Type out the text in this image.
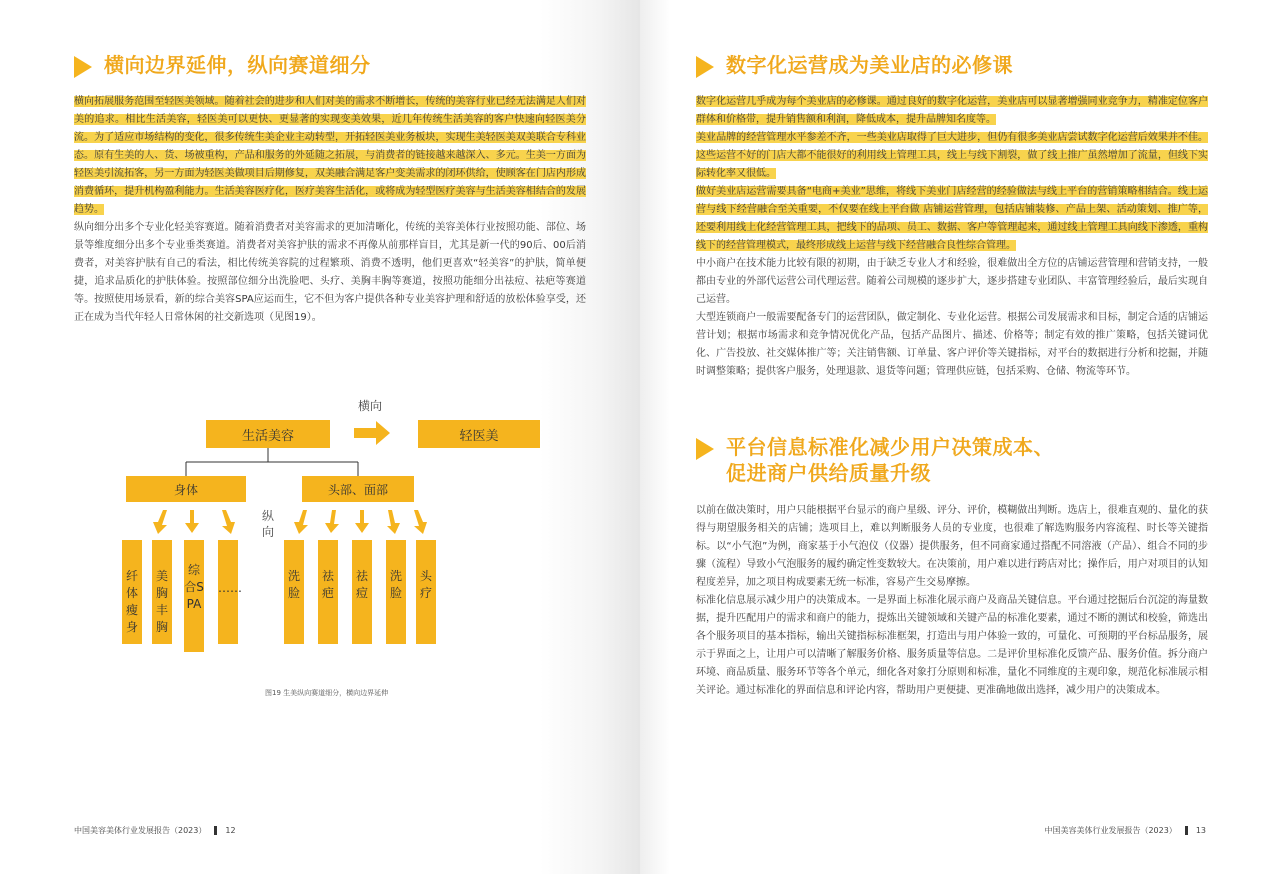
横向边界延伸，纵向赛道细分

横向拓展服务范围至轻医美领域。随着社会的进步和人们对美的需求不断增长，传统的美容行业已经无法满足人们对美的追求。相比生活美容，轻医美可以更快、更显著的实现变美效果，近几年传统生活美容的客户快速向轻医美分流。为了适应市场结构的变化，很多传统生美企业主动转型，开拓轻医美业务板块，实现生美轻医美双美联合专科业态。原有生美的人、货、场被重构，产品和服务的外延随之拓展，与消费者的链接越来越深入、多元。生美一方面为轻医美引流拓客，另一方面为轻医美做项目后期修复，双美融合满足客户变美需求的闭环供给，使顾客在门店内形成消费循环，提升机构盈利能力。生活美容医疗化，医疗美容生活化，或将成为轻型医疗美容与生活美容相结合的发展趋势。

纵向细分出多个专业化轻美容赛道。随着消费者对美容需求的更加清晰化，传统的美容美体行业按照功能、部位、场景等维度细分出多个专业垂类赛道。消费者对美容护肤的需求不再像从前那样盲目，尤其是新一代的90后、00后消费者，对美容护肤有自己的看法，相比传统美容院的过程繁琐、消费不透明，他们更喜欢“轻美容”的护肤，简单便捷，追求品质化的护肤体验。按照部位细分出洗脸吧、头疗、美胸丰胸等赛道，按照功能细分出祛痘、祛疤等赛道等。按照使用场景看，新的综合美容SPA应运而生，它不但为客户提供各种专业美容护理和舒适的放松体验享受，还正在成为当代年轻人日常休闲的社交新选项（见图19）。

横向
生活美容	轻医美
身体	头部、面部
纵向
纤体瘦身
美胸丰胸
综合SPA
……
洗脸
祛疤
祛痘
洗脸
头疗
图19 生美纵向赛道细分，横向边界延伸
中国美容美体行业发展报告（2023） 12
数字化运营成为美业店的必修课

数字化运营几乎成为每个美业店的必修课。通过良好的数字化运营，美业店可以显著增强同业竞争力，精准定位客户群体和价格带，提升销售额和利润，降低成本，提升品牌知名度等。

美业品牌的经营管理水平参差不齐，一些美业店取得了巨大进步，但仍有很多美业店尝试数字化运营后效果并不佳。这些运营不好的门店大都不能很好的利用线上管理工具，线上与线下割裂，做了线上推广虽然增加了流量，但线下实际转化率又很低。

做好美业店运营需要具备“电商+美业”思维，将线下美业门店经营的经验做法与线上平台的营销策略相结合。线上运营与线下经营融合至关重要，不仅要在线上平台做 店铺运营管理，包括店铺装修、产品上架、活动策划、推广等，还要利用线上化经营管理工具，把线下的品项、员工、数据、客户等管理起来，通过线上管理工具向线下渗透，重构线下的经营管理模式，最终形成线上运营与线下经营融合良性综合管理。

中小商户在技术能力比较有限的初期，由于缺乏专业人才和经验，很难做出全方位的店铺运营管理和营销支持，一般都由专业的外部代运营公司代理运营。随着公司规模的逐步扩大，逐步搭建专业团队、丰富管理经验后，最后实现自己运营。

大型连锁商户一般需要配备专门的运营团队，做定制化、专业化运营。根据公司发展需求和目标，制定合适的店铺运营计划；根据市场需求和竞争情况优化产品，包括产品图片、描述、价格等；制定有效的推广策略，包括关键词优化、广告投放、社交媒体推广等；关注销售额、订单量、客户评价等关键指标，对平台的数据进行分析和挖掘，并随时调整策略；提供客户服务，处理退款、退货等问题；管理供应链，包括采购、仓储、物流等环节。

平台信息标准化减少用户决策成本、
促进商户供给质量升级

以前在做决策时，用户只能根据平台显示的商户星级、评分、评价，模糊做出判断。选店上，很难直观的、量化的获得与期望服务相关的店铺；选项目上，难以判断服务人员的专业度，也很难了解选购服务内容流程、时长等关键指标。以“小气泡”为例，商家基于小气泡仪（仪器）提供服务，但不同商家通过搭配不同溶液（产品）、组合不同的步骤（流程）导致小气泡服务的履约确定性变数较大。在决策前，用户难以进行跨店对比；操作后，用户对项目的认知程度差异，加之项目构成要素无统一标准，容易产生交易摩擦。

标准化信息展示减少用户的决策成本。一是界面上标准化展示商户及商品关键信息。平台通过挖掘后台沉淀的海量数据，提升匹配用户的需求和商户的能力，提炼出关键领域和关键产品的标准化要素，通过不断的测试和校验，筛选出各个服务项目的基本指标，输出关键指标标准框架，打造出与用户体验一致的，可量化、可预期的平台标品服务，展示于界面之上，让用户可以清晰了解服务价格、服务质量等信息。二是评价里标准化反馈产品、服务价值。拆分商户环境、商品质量、服务环节等各个单元，细化各对象打分原则和标准，量化不同维度的主观印象，规范化标准展示相关评论。通过标准化的界面信息和评论内容，帮助用户更便捷、更准确地做出选择，减少用户的决策成本。

中国美容美体行业发展报告（2023） 13
